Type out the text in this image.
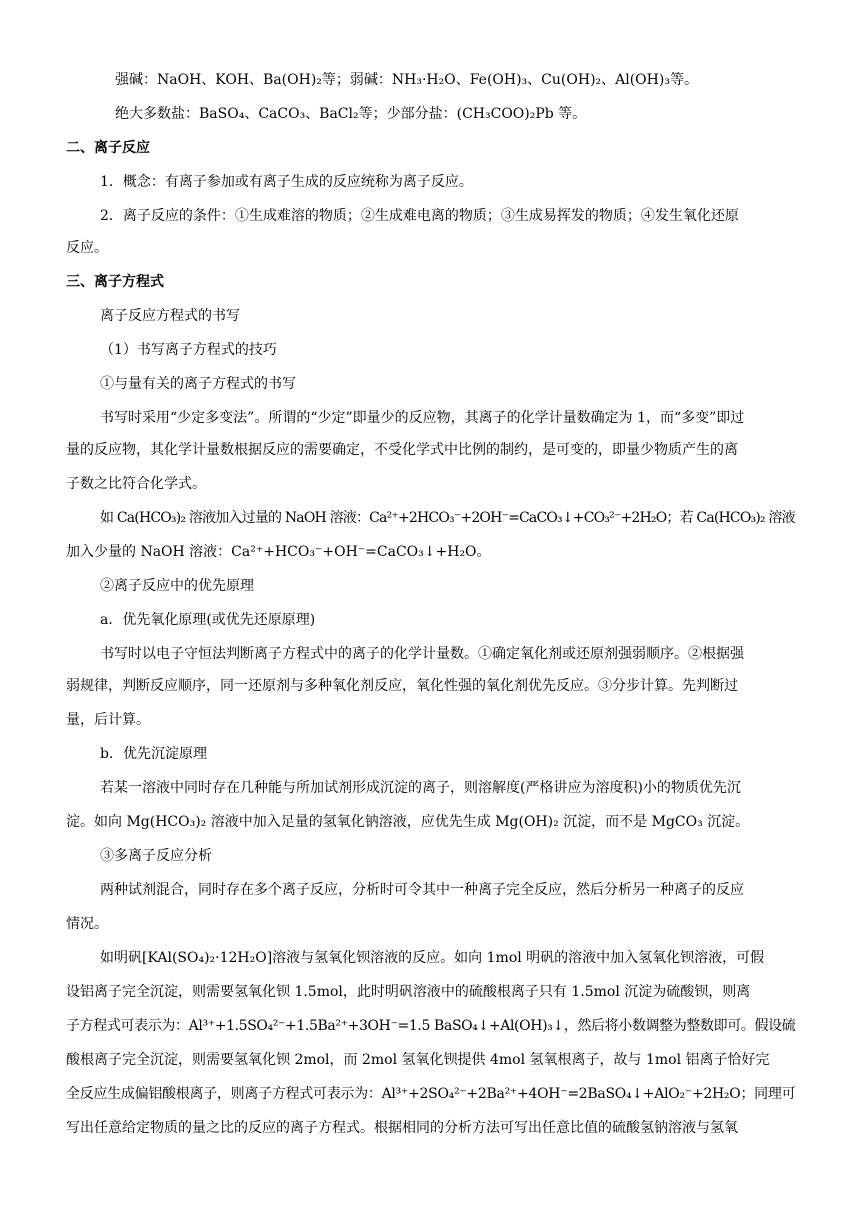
强碱：NaOH、KOH、Ba(OH)₂等；弱碱：NH₃·H₂O、Fe(OH)₃、Cu(OH)₂、Al(OH)₃等。
绝大多数盐：BaSO₄、CaCO₃、BaCl₂等；少部分盐：(CH₃COO)₂Pb 等。
二、离子反应
1．概念：有离子参加或有离子生成的反应统称为离子反应。
2．离子反应的条件：①生成难溶的物质；②生成难电离的物质；③生成易挥发的物质；④发生氧化还原
反应。
三、离子方程式
离子反应方程式的书写
（1）书写离子方程式的技巧
①与量有关的离子方程式的书写
书写时采用“少定多变法”。所谓的“少定”即量少的反应物，其离子的化学计量数确定为 1，而“多变”即过
量的反应物，其化学计量数根据反应的需要确定，不受化学式中比例的制约，是可变的，即量少物质产生的离
子数之比符合化学式。
如 Ca(HCO₃)₂ 溶液加入过量的 NaOH 溶液：Ca²⁺+2HCO₃⁻+2OH⁻=CaCO₃↓+CO₃²⁻+2H₂O；若 Ca(HCO₃)₂ 溶液
加入少量的 NaOH 溶液：Ca²⁺+HCO₃⁻+OH⁻=CaCO₃↓+H₂O。
②离子反应中的优先原理
a．优先氧化原理(或优先还原原理)
书写时以电子守恒法判断离子方程式中的离子的化学计量数。①确定氧化剂或还原剂强弱顺序。②根据强
弱规律，判断反应顺序，同一还原剂与多种氧化剂反应，氧化性强的氧化剂优先反应。③分步计算。先判断过
量，后计算。
b．优先沉淀原理
若某一溶液中同时存在几种能与所加试剂形成沉淀的离子，则溶解度(严格讲应为溶度积)小的物质优先沉
淀。如向 Mg(HCO₃)₂ 溶液中加入足量的氢氧化钠溶液，应优先生成 Mg(OH)₂ 沉淀，而不是 MgCO₃ 沉淀。
③多离子反应分析
两种试剂混合，同时存在多个离子反应，分析时可令其中一种离子完全反应，然后分析另一种离子的反应
情况。
如明矾[KAl(SO₄)₂·12H₂O]溶液与氢氧化钡溶液的反应。如向 1mol 明矾的溶液中加入氢氧化钡溶液，可假
设铝离子完全沉淀，则需要氢氧化钡 1.5mol，此时明矾溶液中的硫酸根离子只有 1.5mol 沉淀为硫酸钡，则离
子方程式可表示为：Al³⁺+1.5SO₄²⁻+1.5Ba²⁺+3OH⁻=1.5 BaSO₄↓+Al(OH)₃↓，然后将小数调整为整数即可。假设硫
酸根离子完全沉淀，则需要氢氧化钡 2mol，而 2mol 氢氧化钡提供 4mol 氢氧根离子，故与 1mol 铝离子恰好完
全反应生成偏铝酸根离子，则离子方程式可表示为：Al³⁺+2SO₄²⁻+2Ba²⁺+4OH⁻=2BaSO₄↓+AlO₂⁻+2H₂O；同理可
写出任意给定物质的量之比的反应的离子方程式。根据相同的分析方法可写出任意比值的硫酸氢钠溶液与氢氧
